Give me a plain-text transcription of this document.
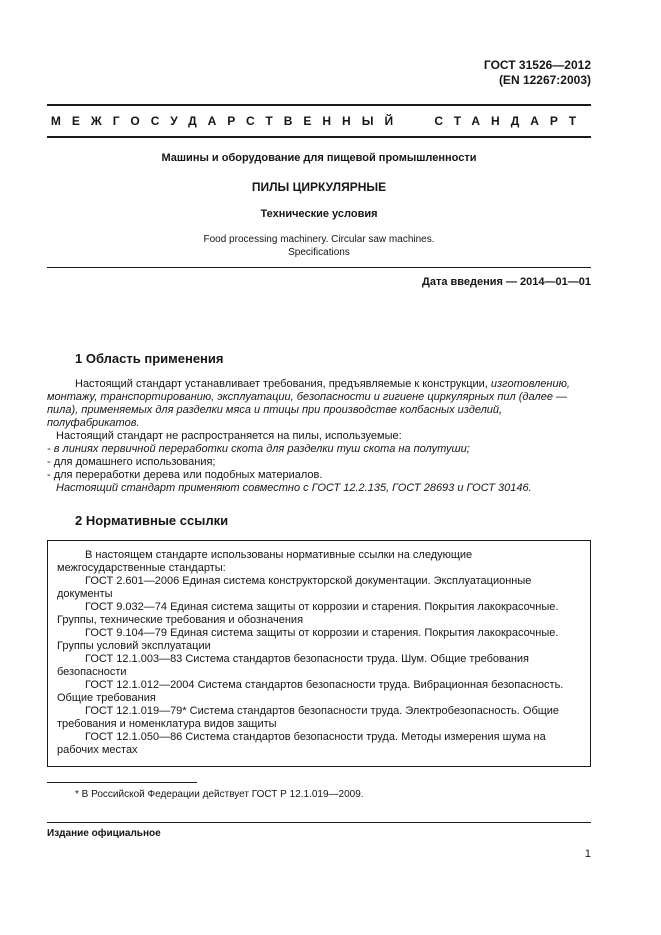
ГОСТ 31526—2012
(EN 12267:2003)
МЕЖГОСУДАРСТВЕННЫЙ СТАНДАРТ

Машины и оборудование для пищевой промышленности

ПИЛЫ ЦИРКУЛЯРНЫЕ

Технические условия

Food processing machinery. Circular saw machines.

Specifications

Дата введения — 2014—01—01

1 Область применения

Настоящий стандарт устанавливает требования, предъявляемые к конструкции, изготовлению, монтажу, транспортированию, эксплуатации, безопасности и гигиене циркулярных пил (далее — пила), применяемых для разделки мяса и птицы при производстве колбасных изделий, полуфабрикатов.

Настоящий стандарт не распространяется на пилы, используемые:

- в линиях первичной переработки скота для разделки туш скота на полутуши;

- для домашнего использования;

- для переработки дерева или подобных материалов.

Настоящий стандарт применяют совместно с ГОСТ 12.2.135, ГОСТ 28693 и ГОСТ 30146.

2 Нормативные ссылки

В настоящем стандарте использованы нормативные ссылки на следующие межгосударственные стандарты:

ГОСТ 2.601—2006 Единая система конструкторской документации. Эксплуатационные документы

ГОСТ 9.032—74 Единая система защиты от коррозии и старения. Покрытия лакокрасочные. Группы, технические требования и обозначения

ГОСТ 9.104—79 Единая система защиты от коррозии и старения. Покрытия лакокрасочные. Группы условий эксплуатации

ГОСТ 12.1.003—83 Система стандартов безопасности труда. Шум. Общие требования безопасности

ГОСТ 12.1.012—2004 Система стандартов безопасности труда. Вибрационная безопасность. Общие требования

ГОСТ 12.1.019—79* Система стандартов безопасности труда. Электробезопасность. Общие требования и номенклатура видов защиты

ГОСТ 12.1.050—86 Система стандартов безопасности труда. Методы измерения шума на рабочих местах

* В Российской Федерации действует ГОСТ Р 12.1.019—2009.

Издание официальное

1
